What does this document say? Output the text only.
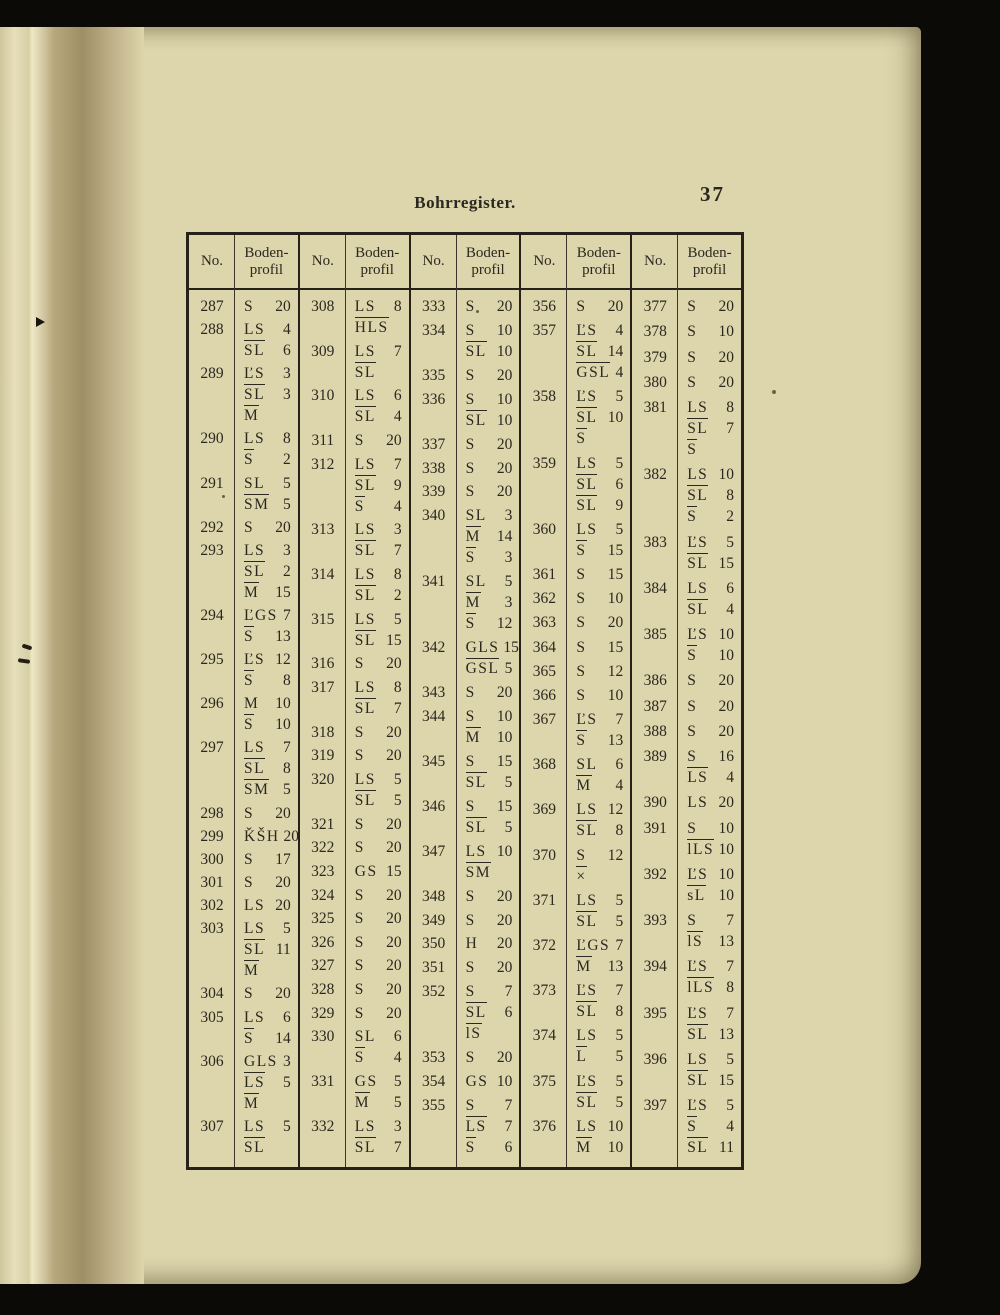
37
Bohrregister.
No.
Boden-
profil
287	S 20
288	LS 4
SL 6
289	ĽS 3
SL 3
M
290	LS 8
S 2
291	SL 5
SM 5
292	S 20
293	LS 3
SL 2
M 15
294	ĽGS 7
S 13
295	ĽS 12
S 8
296	M 10
S 10
297	LS 7
SL 8
SM 5
298	S 20
299	ǨŠH 20
300	S 17
301	S 20
302	LS 20
303	LS 5
SL 11
M
304	S 20
305	LS 6
S 14
306	GLS 3
LS 5
M
307	LS 5
SL
No.
Boden-
profil
308	LS 8
HLS
309	LS 7
SL
310	LS 6
SL 4
311	S 20
312	LS 7
SL 9
S 4
313	LS 3
SL 7
314	LS 8
SL 2
315	LS 5
SL 15
316	S 20
317	LS 8
SL 7
318	S 20
319	S 20
320	LS 5
SL 5
321	S 20
322	S 20
323	GS 15
324	S 20
325	S 20
326	S 20
327	S 20
328	S 20
329	S 20
330	SL 6
S 4
331	GS 5
M 5
332	LS 3
SL 7
No.
Boden-
profil
333	S 20
334	S 10
SL 10
335	S 20
336	S 10
SL 10
337	S 20
338	S 20
339	S 20
340	SL 3
M 14
S 3
341	SL 5
M 3
S 12
342	GLS 15
GSL 5
343	S 20
344	S 10
M 10
345	S 15
SL 5
346	S 15
SL 5
347	LS 10
SM
348	S 20
349	S 20
350	H 20
351	S 20
352	S 7
SL 6
lS
353	S 20
354	GS 10
355	S 7
LS 7
S 6
No.
Boden-
profil
356	S 20
357	ĽS 4
SL 14
GSL 4
358	ĽS 5
SL 10
S
359	LS 5
SL 6
SL 9
360	LS 5
S 15
361	S 15
362	S 10
363	S 20
364	S 15
365	S 12
366	S 10
367	ĽS 7
S 13
368	SL 6
M 4
369	LS 12
SL 8
370	S 12
×
371	LS 5
SL 5
372	ĽGS 7
M 13
373	ĽS 7
SL 8
374	LS 5
L 5
375	ĽS 5
SL 5
376	LS 10
M 10
No.
Boden-
profil
377	S 20
378	S 10
379	S 20
380	S 20
381	LS 8
SL 7
S
382	LS 10
SL 8
S 2
383	ĽS 5
SL 15
384	LS 6
SL 4
385	ĽS 10
S 10
386	S 20
387	S 20
388	S 20
389	S 16
LS 4
390	LS 20
391	S 10
lLS 10
392	ĽS 10
sL 10
393	S 7
lS 13
394	ĽS 7
lLS 8
395	ĽS 7
SL 13
396	LS 5
SL 15
397	ĽS 5
S 4
SL 11
